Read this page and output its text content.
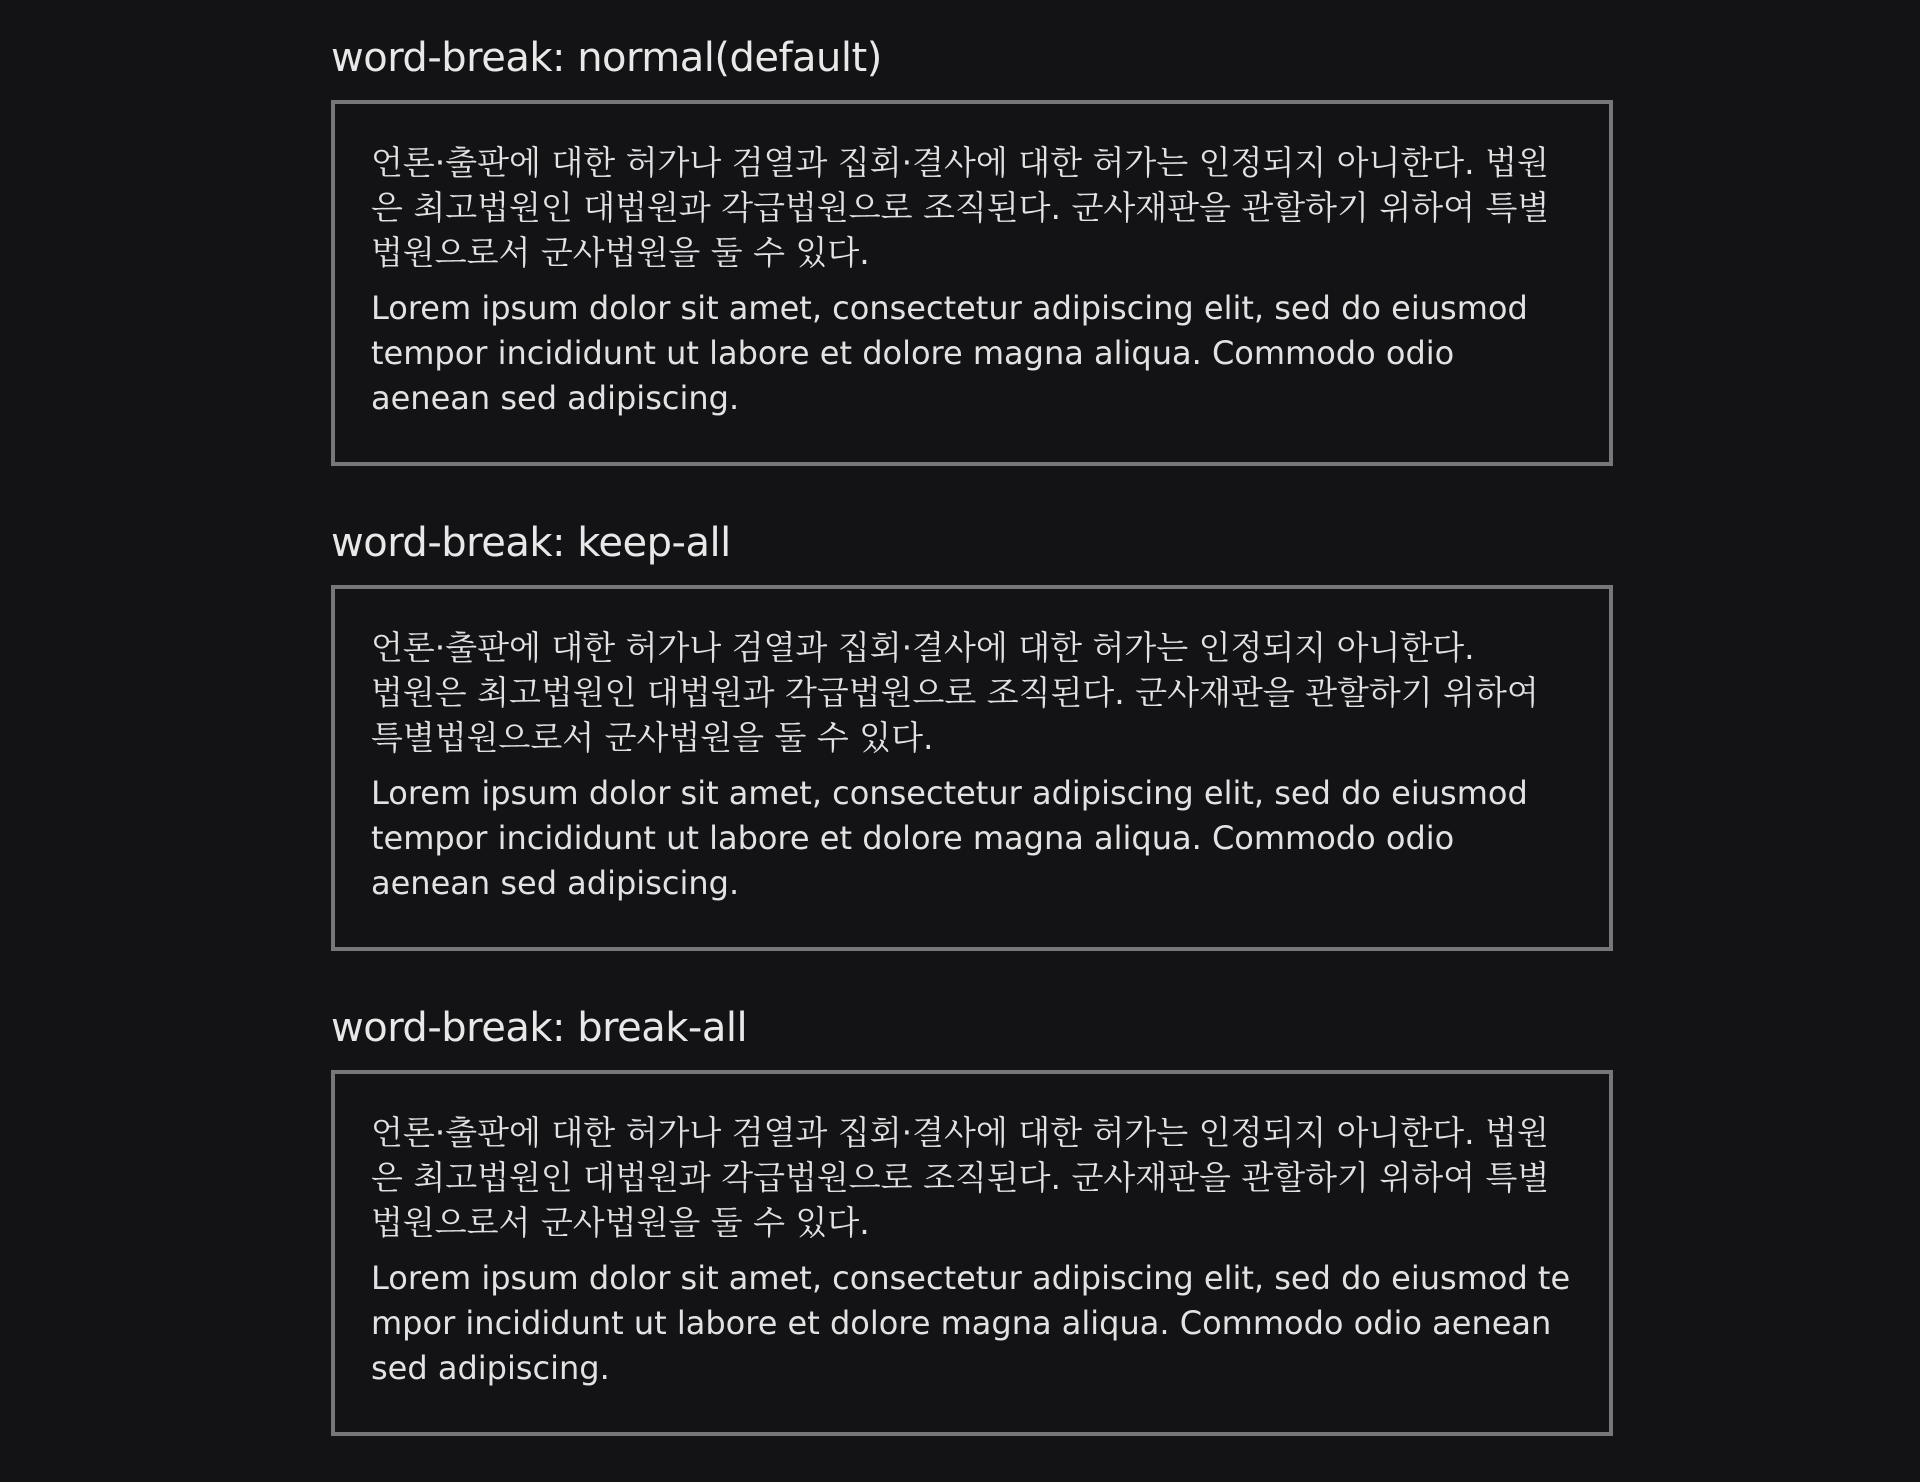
word-break: normal(default)

언론·출판에 대한 허가나 검열과 집회·결사에 대한 허가는 인정되지 아니한다. 법원은 최고법원인 대법원과 각급법원으로 조직된다. 군사재판을 관할하기 위하여 특별법원으로서 군사법원을 둘 수 있다.

Lorem ipsum dolor sit amet, consectetur adipiscing elit, sed do eiusmod tempor incididunt ut labore et dolore magna aliqua. Commodo odio aenean sed adipiscing.

word-break: keep-all

언론·출판에 대한 허가나 검열과 집회·결사에 대한 허가는 인정되지 아니한다. 법원은 최고법원인 대법원과 각급법원으로 조직된다. 군사재판을 관할하기 위하여 특별법원으로서 군사법원을 둘 수 있다.

Lorem ipsum dolor sit amet, consectetur adipiscing elit, sed do eiusmod tempor incididunt ut labore et dolore magna aliqua. Commodo odio aenean sed adipiscing.

word-break: break-all

언론·출판에 대한 허가나 검열과 집회·결사에 대한 허가는 인정되지 아니한다. 법원은 최고법원인 대법원과 각급법원으로 조직된다. 군사재판을 관할하기 위하여 특별법원으로서 군사법원을 둘 수 있다.

Lorem ipsum dolor sit amet, consectetur adipiscing elit, sed do eiusmod tempor incididunt ut labore et dolore magna aliqua. Commodo odio aenean sed adipiscing.
